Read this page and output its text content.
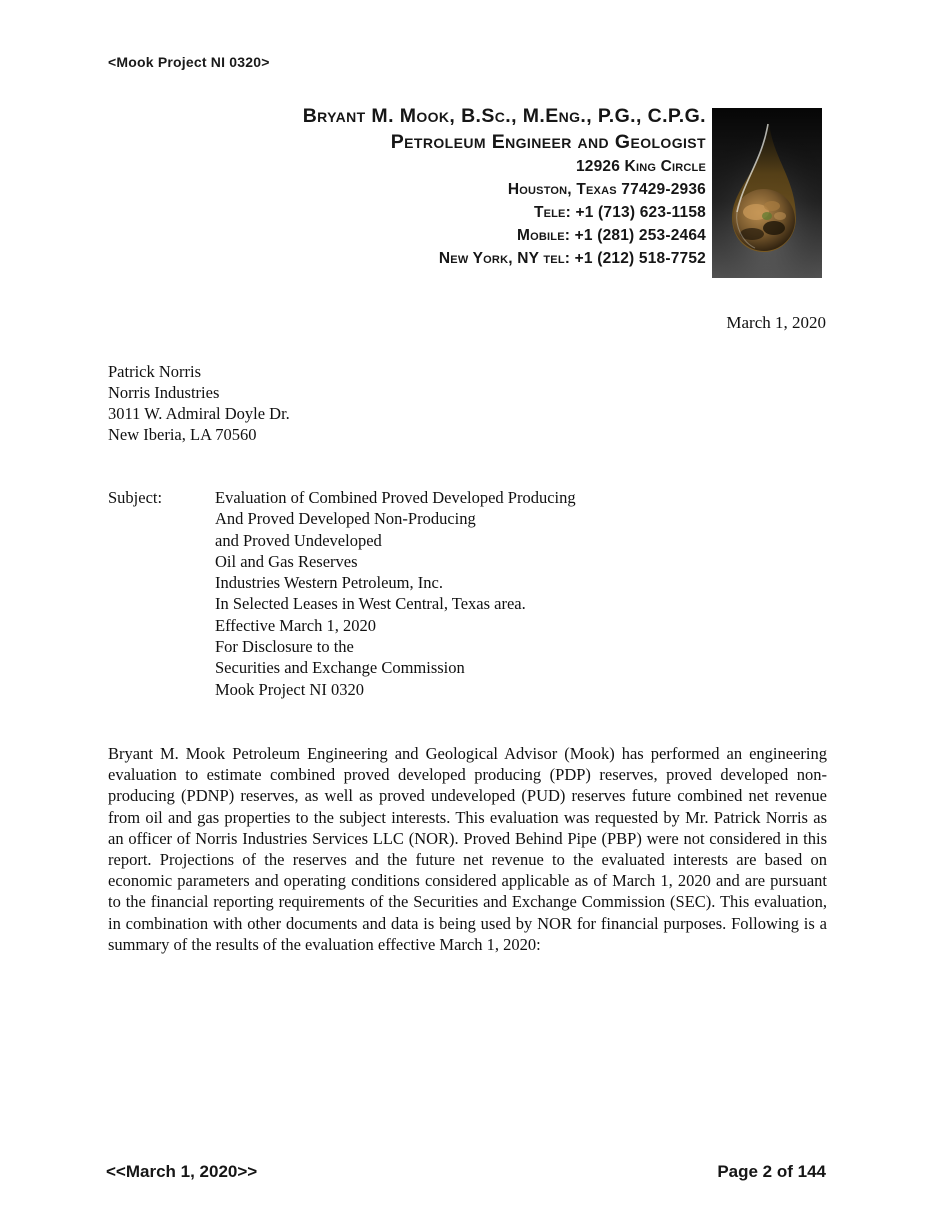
<Mook Project NI 0320>
Bryant M. Mook, B.Sc., M.Eng., P.G., C.P.G.
Petroleum Engineer and Geologist
12926 King Circle
Houston, Texas 77429-2936
Tele: +1 (713) 623-1158
Mobile: +1 (281) 253-2464
New York, NY tel: +1 (212) 518-7752
March 1, 2020
Patrick Norris
Norris Industries
3011 W. Admiral Doyle Dr.
New Iberia, LA 70560
Subject:	Evaluation of Combined Proved Developed Producing
And Proved Developed Non-Producing
and Proved Undeveloped
Oil and Gas Reserves
Industries Western Petroleum, Inc.
In Selected Leases in West Central, Texas area.
Effective March 1, 2020
For Disclosure to the
Securities and Exchange Commission
Mook Project NI 0320
Bryant M. Mook Petroleum Engineering and Geological Advisor (Mook) has performed an engineering evaluation to estimate combined proved developed producing (PDP) reserves, proved developed non-producing (PDNP) reserves, as well as proved undeveloped (PUD) reserves future combined net revenue from oil and gas properties to the subject interests. This evaluation was requested by Mr. Patrick Norris as an officer of Norris Industries Services LLC (NOR). Proved Behind Pipe (PBP) were not considered in this report. Projections of the reserves and the future net revenue to the evaluated interests are based on economic parameters and operating conditions considered applicable as of March 1, 2020 and are pursuant to the financial reporting requirements of the Securities and Exchange Commission (SEC). This evaluation, in combination with other documents and data is being used by NOR for financial purposes. Following is a summary of the results of the evaluation effective March 1, 2020:
<<March 1, 2020>>	Page 2 of 144
